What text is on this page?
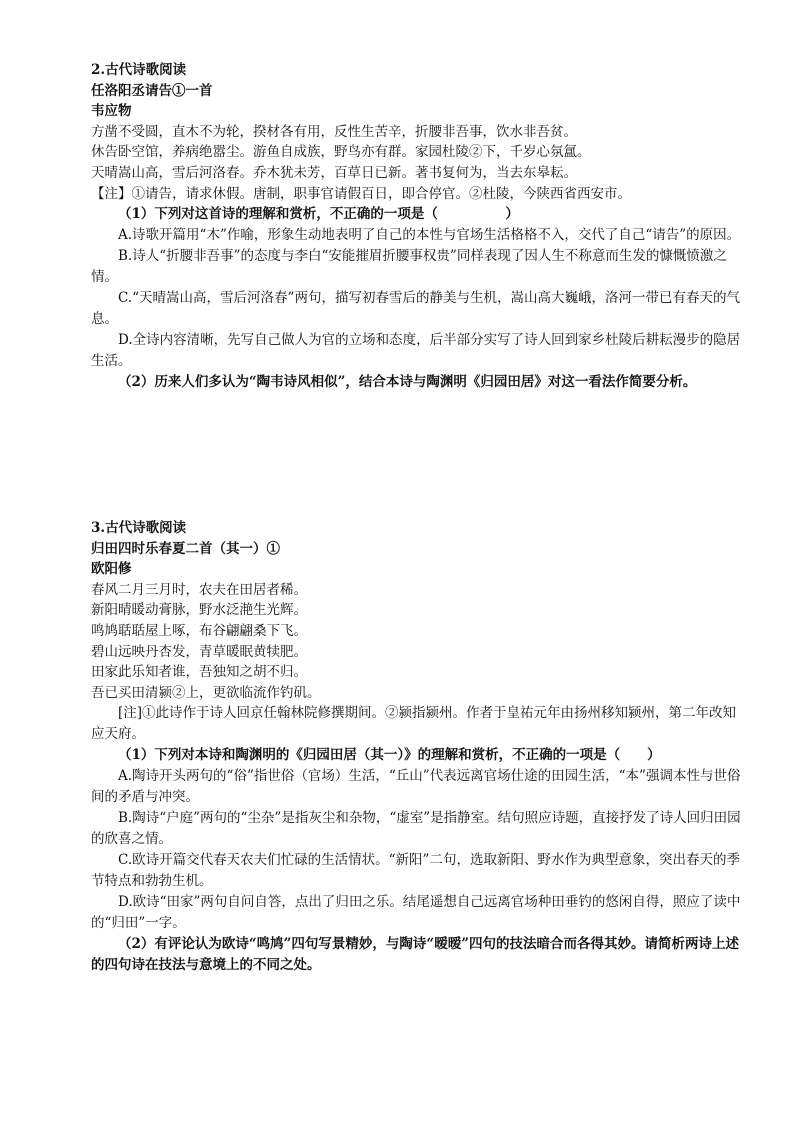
2.古代诗歌阅读
任洛阳丞请告①一首
韦应物
方凿不受圆，直木不为轮，揆材各有用，反性生苦辛，折腰非吾事，饮水非吾贫。
休告卧空馆，养病绝嚣尘。游鱼自成族，野鸟亦有群。家园杜陵②下，千岁心氛氲。
天晴嵩山高，雪后河洛春。乔木犹未芳，百草日已新。著书复何为，当去东皋耘。
【注】①请告，请求休假。唐制，职事官请假百日，即合停官。②杜陵，今陕西省西安市。
（1）下列对这首诗的理解和赏析，不正确的一项是（　　　　　）
A.诗歌开篇用“木”作喻，形象生动地表明了自己的本性与官场生活格格不入，交代了自己“请告”的原因。
B.诗人“折腰非吾事”的态度与李白“安能摧眉折腰事权贵”同样表现了因人生不称意而生发的慷慨愤激之情。
C.“天晴嵩山高，雪后河洛春”两句，描写初春雪后的静美与生机，嵩山高大巍峨，洛河一带已有春天的气息。
D.全诗内容清晰，先写自己做人为官的立场和态度，后半部分实写了诗人回到家乡杜陵后耕耘漫步的隐居生活。
（2）历来人们多认为“陶韦诗风相似”，结合本诗与陶渊明《归园田居》对这一看法作简要分析。
3.古代诗歌阅读
归田四时乐春夏二首（其一）①
欧阳修
春风二月三月时，农夫在田居者稀。
新阳晴暖动膏脉，野水泛滟生光辉。
鸣鸠聒聒屋上啄，布谷翩翩桑下飞。
碧山远映丹杏发，青草暖眠黄犊肥。
田家此乐知者谁，吾独知之胡不归。
吾已买田清颍②上，更欲临流作钓矶。
[注]①此诗作于诗人回京任翰林院修撰期间。②颍指颍州。作者于皇祐元年由扬州移知颍州，第二年改知应天府。
（1）下列对本诗和陶渊明的《归园田居（其一）》的理解和赏析，不正确的一项是（　　）
A.陶诗开头两句的“俗”指世俗（官场）生活，“丘山”代表远离官场仕途的田园生活，“本”强调本性与世俗间的矛盾与冲突。
B.陶诗“户庭”两句的“尘杂”是指灰尘和杂物，“虚室”是指静室。结句照应诗题，直接抒发了诗人回归田园的欣喜之情。
C.欧诗开篇交代春天农夫们忙碌的生活情状。“新阳”二句，选取新阳、野水作为典型意象，突出春天的季节特点和勃勃生机。
D.欧诗“田家”两句自问自答，点出了归田之乐。结尾遥想自己远离官场种田垂钓的悠闲自得，照应了读中的“归田”一字。
（2）有评论认为欧诗“鸣鸠”四句写景精妙，与陶诗“暧暧”四句的技法暗合而各得其妙。请简析两诗上述的四句诗在技法与意境上的不同之处。
